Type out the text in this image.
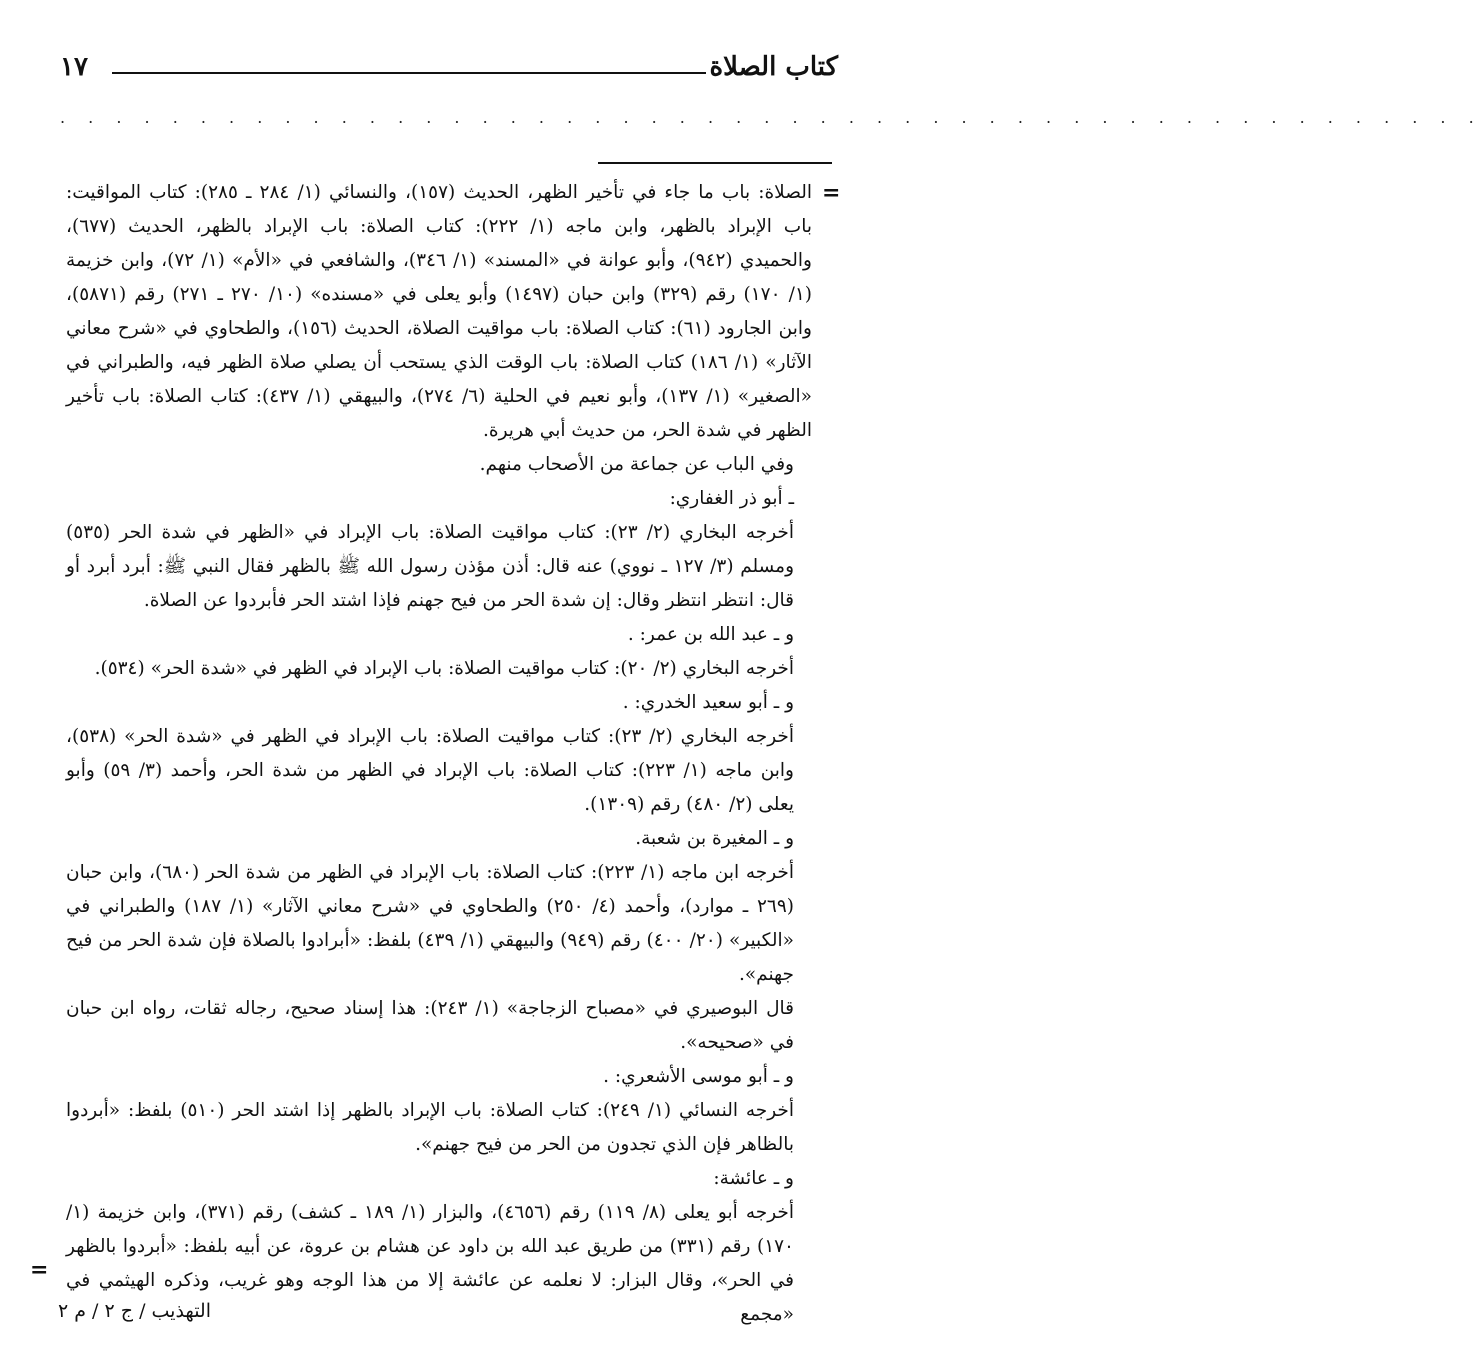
كتاب الصلاة
١٧
. . . . . . . . . . . . . . . . . . . . . . . . . . . . . . . . . . . . . . . . . . . . . . . . . . .
=

الصلاة: باب ما جاء في تأخير الظهر، الحديث (١٥٧)، والنسائي (١/ ٢٨٤ ـ ٢٨٥): كتاب المواقيت: باب الإبراد بالظهر، وابن ماجه (١/ ٢٢٢): كتاب الصلاة: باب الإبراد بالظهر، الحديث (٦٧٧)، والحميدي (٩٤٢)، وأبو عوانة في «المسند» (١/ ٣٤٦)، والشافعي في «الأم» (١/ ٧٢)، وابن خزيمة (١/ ١٧٠) رقم (٣٢٩) وابن حبان (١٤٩٧) وأبو يعلى في «مسنده» (١٠/ ٢٧٠ ـ ٢٧١) رقم (٥٨٧١)، وابن الجارود (٦١): كتاب الصلاة: باب مواقيت الصلاة، الحديث (١٥٦)، والطحاوي في «شرح معاني الآثار» (١/ ١٨٦) كتاب الصلاة: باب الوقت الذي يستحب أن يصلي صلاة الظهر فيه، والطبراني في «الصغير» (١/ ١٣٧)، وأبو نعيم في الحلية (٦/ ٢٧٤)، والبيهقي (١/ ٤٣٧): كتاب الصلاة: باب تأخير الظهر في شدة الحر، من حديث أبي هريرة.

وفي الباب عن جماعة من الأصحاب منهم.

ـ أبو ذر الغفاري:

أخرجه البخاري (٢/ ٢٣): كتاب مواقيت الصلاة: باب الإبراد في «الظهر في شدة الحر (٥٣٥) ومسلم (٣/ ١٢٧ ـ نووي) عنه قال: أذن مؤذن رسول الله ﷺ بالظهر فقال النبي ﷺ: أبرد أبرد أو قال: انتظر انتظر وقال: إن شدة الحر من فيح جهنم فإذا اشتد الحر فأبردوا عن الصلاة.

و ـ عبد الله بن عمر: .

أخرجه البخاري (٢/ ٢٠): كتاب مواقيت الصلاة: باب الإبراد في الظهر في «شدة الحر» (٥٣٤).

و ـ أبو سعيد الخدري: .

أخرجه البخاري (٢/ ٢٣): كتاب مواقيت الصلاة: باب الإبراد في الظهر في «شدة الحر» (٥٣٨)، وابن ماجه (١/ ٢٢٣): كتاب الصلاة: باب الإبراد في الظهر من شدة الحر، وأحمد (٣/ ٥٩) وأبو يعلى (٢/ ٤٨٠) رقم (١٣٠٩).

و ـ المغيرة بن شعبة.

أخرجه ابن ماجه (١/ ٢٢٣): كتاب الصلاة: باب الإبراد في الظهر من شدة الحر (٦٨٠)، وابن حبان (٢٦٩ ـ موارد)، وأحمد (٤/ ٢٥٠) والطحاوي في «شرح معاني الآثار» (١/ ١٨٧) والطبراني في «الكبير» (٢٠/ ٤٠٠) رقم (٩٤٩) والبيهقي (١/ ٤٣٩) بلفظ: «أبرادوا بالصلاة فإن شدة الحر من فيح جهنم».

قال البوصيري في «مصباح الزجاجة» (١/ ٢٤٣): هذا إسناد صحيح، رجاله ثقات، رواه ابن حبان في «صحيحه».

و ـ أبو موسى الأشعري: .

أخرجه النسائي (١/ ٢٤٩): كتاب الصلاة: باب الإبراد بالظهر إذا اشتد الحر (٥١٠) بلفظ: «أبردوا بالظاهر فإن الذي تجدون من الحر من فيح جهنم».

و ـ عائشة:

أخرجه أبو يعلى (٨/ ١١٩) رقم (٤٦٥٦)، والبزار (١/ ١٨٩ ـ كشف) رقم (٣٧١)، وابن خزيمة (١/ ١٧٠) رقم (٣٣١) من طريق عبد الله بن داود عن هشام بن عروة، عن أبيه بلفظ: «أبردوا بالظهر في الحر»، وقال البزار: لا نعلمه عن عائشة إلا من هذا الوجه وهو غريب، وذكره الهيثمي في «مجمع

=
التهذيب / ج ٢ / م ٢
